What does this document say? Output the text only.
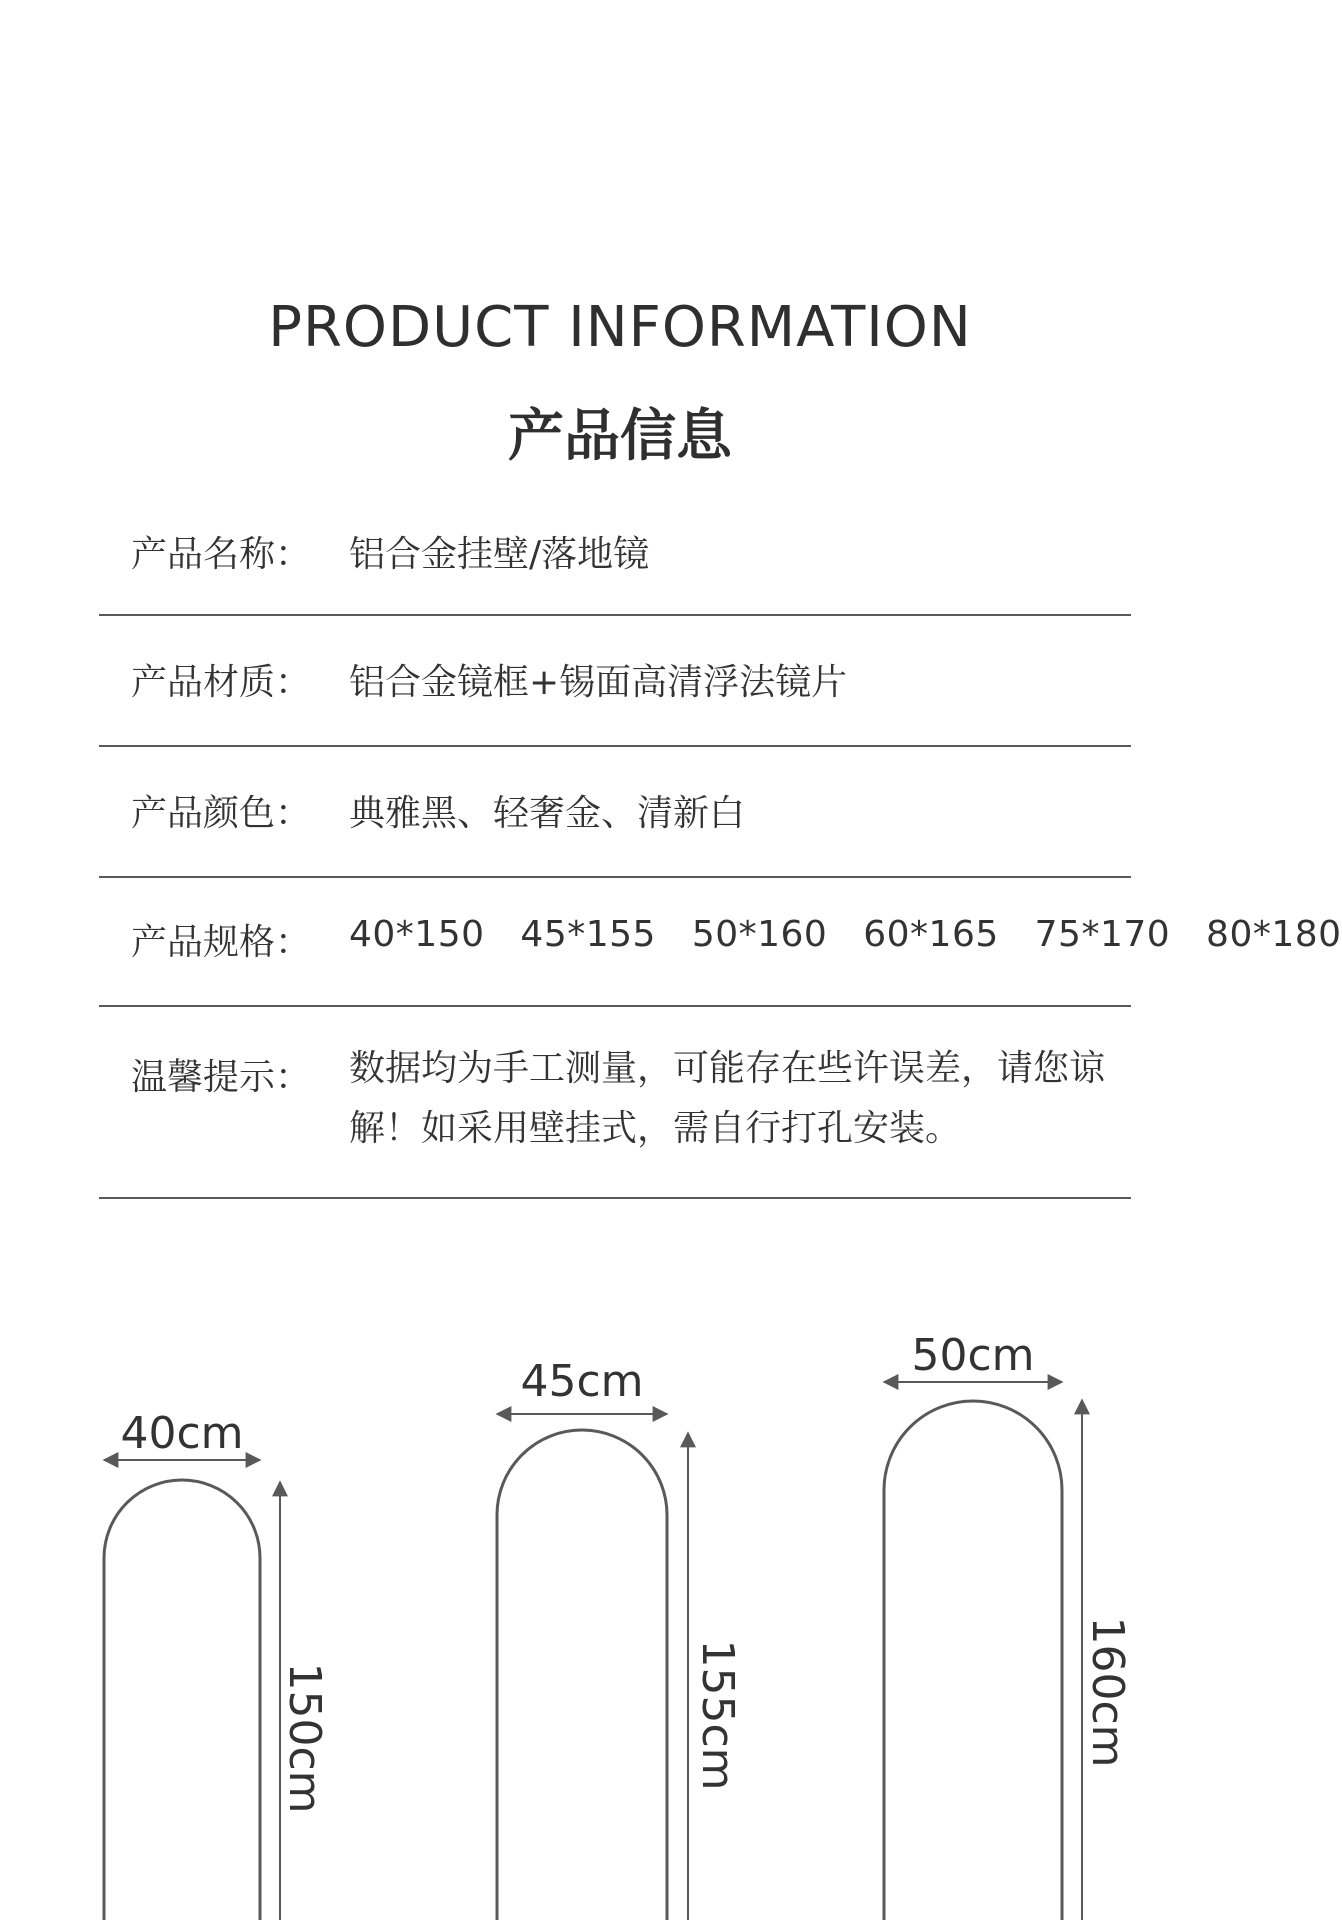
PRODUCT INFORMATION
产品信息
产品名称：	铝合金挂壁/落地镜
产品材质：	铝合金镜框+锡面高清浮法镜片
产品颜色：	典雅黑、轻奢金、清新白
产品规格：	40*150  45*155  50*160  60*165  75*170  80*180
温馨提示：	数据均为手工测量，可能存在些许误差，请您谅解！如采用壁挂式，需自行打孔安装。
40cm
150cm
45cm
155cm
50cm
160cm
